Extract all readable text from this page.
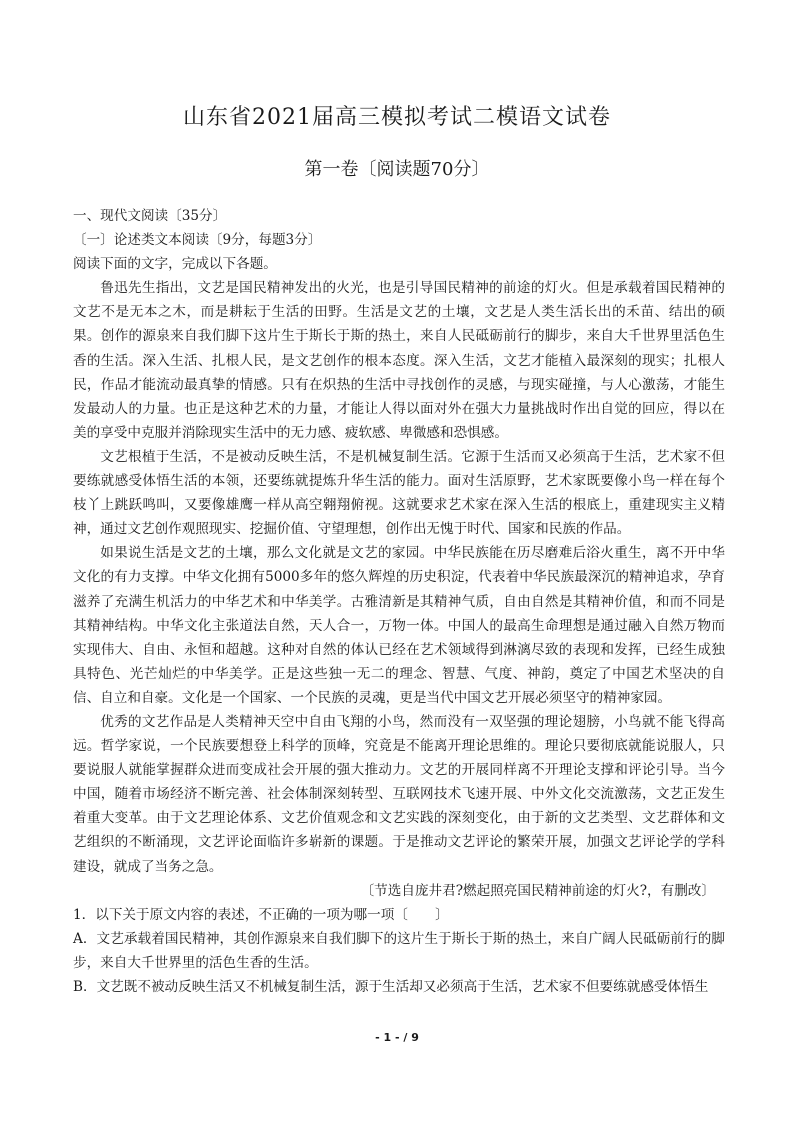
山东省2021届高三模拟考试二模语文试卷
第一卷〔阅读题70分〕

一、现代文阅读〔35分〕

〔一〕论述类文本阅读〔9分，每题3分〕

阅读下面的文字，完成以下各题。

鲁迅先生指出，文艺是国民精神发出的火光，也是引导国民精神的前途的灯火。但是承载着国民精神的文艺不是无本之木，而是耕耘于生活的田野。生活是文艺的土壤，文艺是人类生活长出的禾苗、结出的硕果。创作的源泉来自我们脚下这片生于斯长于斯的热土，来自人民砥砺前行的脚步，来自大千世界里活色生香的生活。深入生活、扎根人民，是文艺创作的根本态度。深入生活，文艺才能植入最深刻的现实；扎根人民，作品才能流动最真挚的情感。只有在炽热的生活中寻找创作的灵感，与现实碰撞，与人心激荡，才能生发最动人的力量。也正是这种艺术的力量，才能让人得以面对外在强大力量挑战时作出自觉的回应，得以在美的享受中克服并消除现实生活中的无力感、疲软感、卑微感和恐惧感。

文艺根植于生活，不是被动反映生活，不是机械复制生活。它源于生活而又必须高于生活，艺术家不但要练就感受体悟生活的本领，还要练就提炼升华生活的能力。面对生活原野，艺术家既要像小鸟一样在每个枝丫上跳跃鸣叫，又要像雄鹰一样从高空翱翔俯视。这就要求艺术家在深入生活的根底上，重建现实主义精神，通过文艺创作观照现实、挖掘价值、守望理想，创作出无愧于时代、国家和民族的作品。

如果说生活是文艺的土壤，那么文化就是文艺的家园。中华民族能在历尽磨难后浴火重生，离不开中华文化的有力支撑。中华文化拥有5000多年的悠久辉煌的历史积淀，代表着中华民族最深沉的精神追求，孕育滋养了充满生机活力的中华艺术和中华美学。古雅清新是其精神气质，自由自然是其精神价值，和而不同是其精神结构。中华文化主张道法自然，天人合一，万物一体。中国人的最高生命理想是通过融入自然万物而实现伟大、自由、永恒和超越。这种对自然的体认已经在艺术领域得到淋漓尽致的表现和发挥，已经生成独具特色、光芒灿烂的中华美学。正是这些独一无二的理念、智慧、气度、神韵，奠定了中国艺术坚决的自信、自立和自豪。文化是一个国家、一个民族的灵魂，更是当代中国文艺开展必须坚守的精神家园。

优秀的文艺作品是人类精神天空中自由飞翔的小鸟，然而没有一双坚强的理论翅膀，小鸟就不能飞得高远。哲学家说，一个民族要想登上科学的顶峰，究竟是不能离开理论思维的。理论只要彻底就能说服人，只要说服人就能掌握群众进而变成社会开展的强大推动力。文艺的开展同样离不开理论支撑和评论引导。当今中国，随着市场经济不断完善、社会体制深刻转型、互联网技术飞速开展、中外文化交流激荡，文艺正发生着重大变革。由于文艺理论体系、文艺价值观念和文艺实践的深刻变化，由于新的文艺类型、文艺群体和文艺组织的不断涌现，文艺评论面临许多崭新的课题。于是推动文艺评论的繁荣开展，加强文艺评论学的学科建设，就成了当务之急。

〔节选自庞井君?燃起照亮国民精神前途的灯火?，有删改〕

1．以下关于原文内容的表述，不正确的一项为哪一项〔　　〕

A．文艺承载着国民精神，其创作源泉来自我们脚下的这片生于斯长于斯的热土，来自广阔人民砥砺前行的脚步，来自大千世界里的活色生香的生活。

B．文艺既不被动反映生活又不机械复制生活，源于生活却又必须高于生活，艺术家不但要练就感受体悟生

- 1 - / 9
